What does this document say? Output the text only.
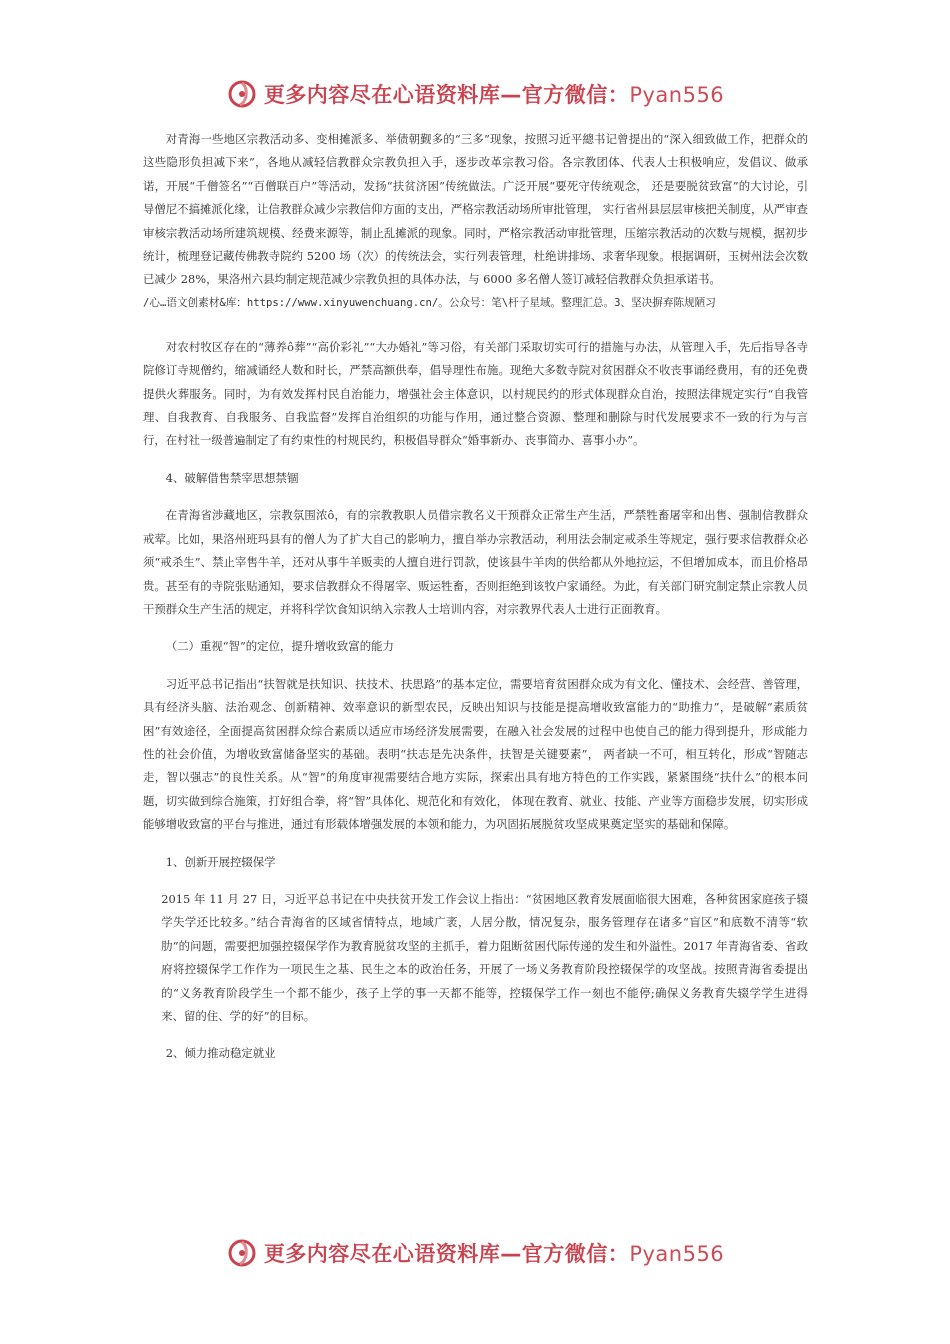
更多内容尽在心语资料库—官方微信：Pyan556

对青海一些地区宗教活动多、变相摊派多、举债朝觐多的“三多”现象，按照习近平總书记曾提出的“深入细致做工作，把群众的这些隐形负担减下来”，各地从减轻信教群众宗教负担入手，逐步改革宗教习俗。各宗教团体、代表人士积极响应，发倡议、做承诺，开展“千僧签名”“百僧联百户”等活动，发扬“扶贫济困”传统做法。广泛开展“要死守传统观念， 还是要脱贫致富”的大讨论，引导僧尼不搞摊派化缘，让信教群众减少宗教信仰方面的支出，严格宗教活动场所审批管理， 实行省州县层层审核把关制度，从严审查审核宗教活动场所建筑规模、经费来源等，制止乱摊派的现象。同时，严格宗教活动审批管理，压缩宗教活动的次数与规模，据初步统计，梳理登记藏传佛教寺院约 5200 场（次）的传统法会，实行列表管理，杜绝讲排场、求奢华现象。根据调研，玉树州法会次数已减少 28%，果洛州六县均制定规范减少宗教负担的具体办法，与 6000 多名僧人签订减轻信教群众负担承诺书。

/心…语文创素材&库：https://www.xinyuwenchuang.cn/。公众号：笔\杆子星域。整理汇总。3、坚决摒弃陈规陋习

对农村牧区存在的“薄养ô葬”“高价彩礼”“大办婚礼”等习俗，有关部门采取切实可行的措施与办法，从管理入手，先后指导各寺院修订寺规僧约，缩减诵经人数和时长，严禁高额供奉，倡导理性布施。现绝大多数寺院对贫困群众不收丧事诵经费用，有的还免费提供火葬服务。同时，为有效发挥村民自治能力，增强社会主体意识，以村规民约的形式体现群众自治，按照法律规定实行“自我管理、自我教育、自我服务、自我监督”发挥自治组织的功能与作用，通过整合资源、整理和删除与时代发展要求不一致的行为与言行，在村社一级普遍制定了有约束性的村规民约，积极倡导群众“婚事新办、丧事简办、喜事小办”。

4、破解借售禁宰思想禁锢

在青海省涉藏地区，宗教氛围浓ô，有的宗教教职人员借宗教名义干预群众正常生产生活，严禁牲畜屠宰和出售、强制信教群众戒荤。比如，果洛州班玛县有的僧人为了扩大自己的影响力，擅自举办宗教活动，利用法会制定戒杀生等规定，强行要求信教群众必须“戒杀生”、禁止宰售牛羊，还对从事牛羊贩卖的人擅自进行罚款，使该县牛羊肉的供给都从外地拉运，不但增加成本，而且价格昂贵。甚至有的寺院张贴通知，要求信教群众不得屠宰、贩运牲畜，否则拒绝到该牧户家诵经。为此，有关部门研究制定禁止宗教人员干预群众生产生活的规定，并将科学饮食知识纳入宗教人士培训内容，对宗教界代表人士进行正面教育。

（二）重视“智”的定位，提升增收致富的能力

习近平总书记指出“扶智就是扶知识、扶技术、扶思路”的基本定位，需要培育贫困群众成为有文化、懂技术、会经营、善管理，具有经济头脑、法治观念、创新精神、效率意识的新型农民，反映出知识与技能是提高增收致富能力的“助推力”，是破解“素质贫困”有效途径，全面提高贫困群众综合素质以适应市场经济发展需要，在融入社会发展的过程中也使自己的能力得到提升，形成能力性的社会价值，为增收致富储备坚实的基础。表明“扶志是先决条件，扶智是关键要素”， 两者缺一不可，相互转化，形成“智随志走，智以强志”的良性关系。从“智”的角度审视需要结合地方实际，探索出具有地方特色的工作实践，紧紧围绕“扶什么”的根本问题，切实做到综合施策，打好组合拳，将“智”具体化、规范化和有效化， 体现在教育、就业、技能、产业等方面稳步发展，切实形成能够增收致富的平台与推进，通过有形载体增强发展的本领和能力，为巩固拓展脱贫攻坚成果奠定坚实的基础和保障。

1、创新开展控辍保学

2015 年 11 月 27 日，习近平总书记在中央扶贫开发工作会议上指出：“贫困地区教育发展面临很大困难，各种贫困家庭孩子辍学失学还比较多。”结合青海省的区域省情特点，地域广袤，人居分散，情况复杂，服务管理存在诸多“盲区”和底数不清等“软肋”的问题，需要把加强控辍保学作为教育脱贫攻坚的主抓手，着力阻断贫困代际传递的发生和外溢性。2017 年青海省委、省政府将控辍保学工作作为一项民生之基、民生之本的政治任务，开展了一场义务教育阶段控辍保学的攻坚战。按照青海省委提出的“义务教育阶段学生一个都不能少，孩子上学的事一天都不能等，控辍保学工作一刻也不能停;确保义务教育失辍学学生进得来、留的住、学的好”的目标。

2、倾力推动稳定就业

更多内容尽在心语资料库—官方微信：Pyan556
